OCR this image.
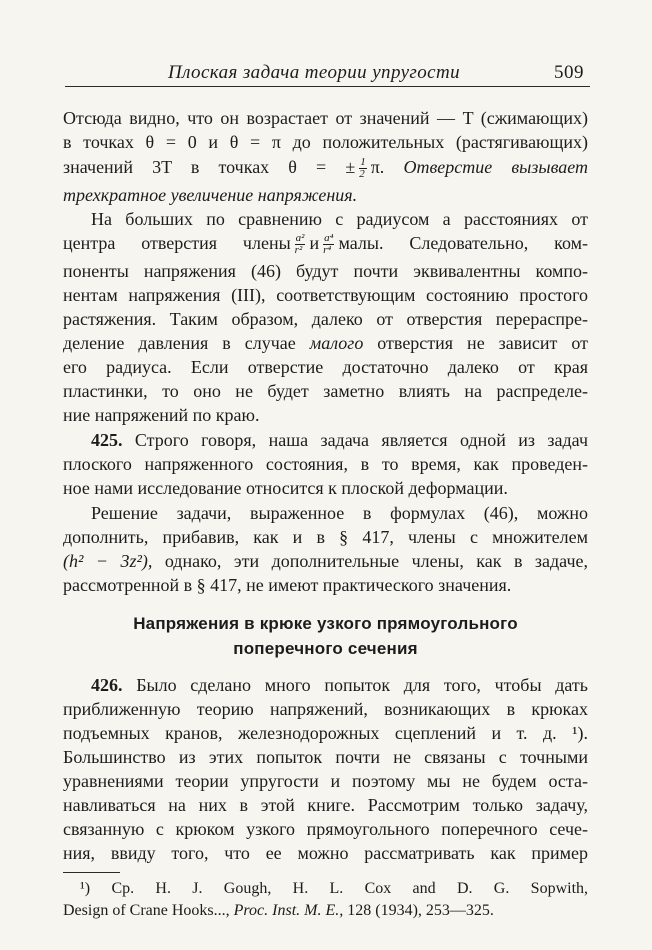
Плоская задача теории упругости	509
Отсюда видно, что он возрастает от значений — T (сжимающих)
в точках θ = 0 и θ = π до положительных (растягивающих)
значений 3T в точках θ = ± $\frac{1}{2} \pi$. Отверстие вызывает
трехкратное увеличение напряжения.
На больших по сравнению с радиусом a расстояниях от
центра отверстия члены $\frac{\text{a²}}{\text{r²}}$ и $\frac{\text{a⁴}}{\text{r⁴}}$ малы. Следовательно, ком-
поненты напряжения (46) будут почти эквивалентны компо-
нентам напряжения (III), соответствующим состоянию простого
растяжения. Таким образом, далеко от отверстия перераспре-
деление давления в случае малого отверстия не зависит от
его радиуса. Если отверстие достаточно далеко от края
пластинки, то оно не будет заметно влиять на распределе-
ние напряжений по краю.
425. Строго говоря, наша задача является одной из задач
плоского напряженного состояния, в то время, как проведен-
ное нами исследование относится к плоской деформации.
Решение задачи, выраженное в формулах (46), можно
дополнить, прибавив, как и в § 417, члены с множителем
(h² − 3z²), однако, эти дополнительные члены, как в задаче,
рассмотренной в § 417, не имеют практического значения.
Напряжения в крюке узкого прямоугольного
поперечного сечения
426. Было сделано много попыток для того, чтобы дать
приближенную теорию напряжений, возникающих в крюках
подъемных кранов, железнодорожных сцеплений и т. д. ¹).
Большинство из этих попыток почти не связаны с точными
уравнениями теории упругости и поэтому мы не будем оста-
навливаться на них в этой книге. Рассмотрим только задачу,
связанную с крюком узкого прямоугольного поперечного сече-
ния, ввиду того, что ее можно рассматривать как пример
¹) Ср. H. J. Gough, H. L. Cox and D. G. Sopwith,
Design of Crane Hooks..., Proc. Inst. M. E., 128 (1934), 253—325.
